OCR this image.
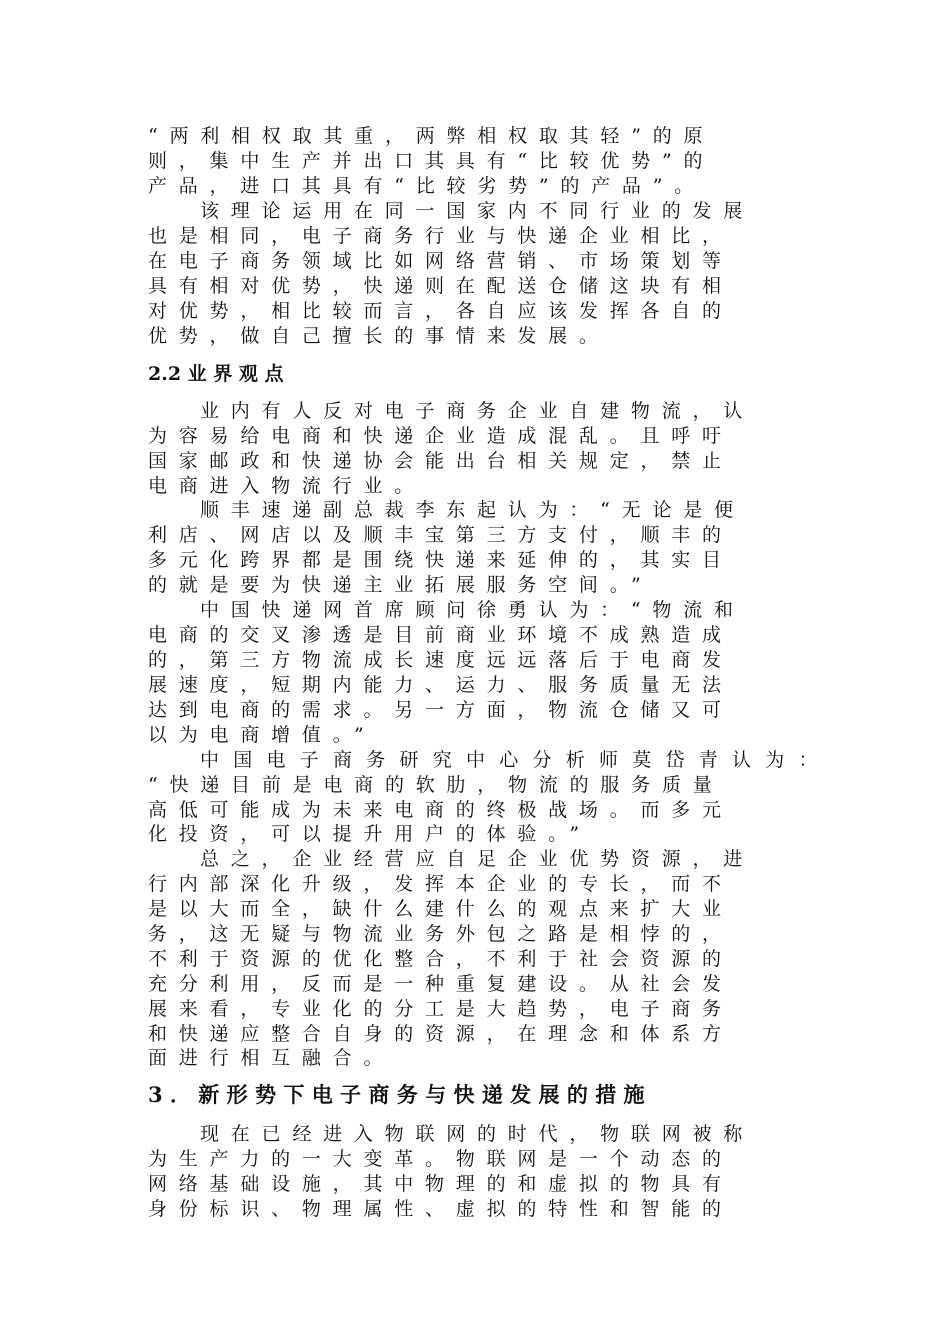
“两利相权取其重，两弊相权取其轻”的原
则，集中生产并出口其具有“比较优势”的
产品，进口其具有“比较劣势”的产品”。
该理论运用在同一国家内不同行业的发展
也是相同，电子商务行业与快递企业相比，
在电子商务领域比如网络营销、市场策划等
具有相对优势，快递则在配送仓储这块有相
对优势，相比较而言，各自应该发挥各自的
优势，做自己擅长的事情来发展。
2.2 业 界 观 点
业内有人反对电子商务企业自建物流，认
为容易给电商和快递企业造成混乱。且呼吁
国家邮政和快递协会能出台相关规定，禁止
电商进入物流行业。
顺丰速递副总裁李东起认为：“无论是便
利店、网店以及顺丰宝第三方支付，顺丰的
多元化跨界都是围绕快递来延伸的，其实目
的就是要为快递主业拓展服务空间。”
中国快递网首席顾问徐勇认为：“物流和
电商的交叉渗透是目前商业环境不成熟造成
的，第三方物流成长速度远远落后于电商发
展速度，短期内能力、运力、服务质量无法
达到电商的需求。另一方面，物流仓储又可
以为电商增值。”
中国电子商务研究中心分析师莫岱青认为：
“快递目前是电商的软肋，物流的服务质量
高低可能成为未来电商的终极战场。而多元
化投资，可以提升用户的体验。”
总之，企业经营应自足企业优势资源，进
行内部深化升级，发挥本企业的专长，而不
是以大而全，缺什么建什么的观点来扩大业
务，这无疑与物流业务外包之路是相悖的，
不利于资源的优化整合，不利于社会资源的
充分利用，反而是一种重复建设。从社会发
展来看，专业化的分工是大趋势，电子商务
和快递应整合自身的资源，在理念和体系方
面进行相互融合。
3．新形势下电子商务与快递发展的措施
现在已经进入物联网的时代，物联网被称
为生产力的一大变革。物联网是一个动态的
网络基础设施，其中物理的和虚拟的物具有
身份标识、物理属性、虚拟的特性和智能的
